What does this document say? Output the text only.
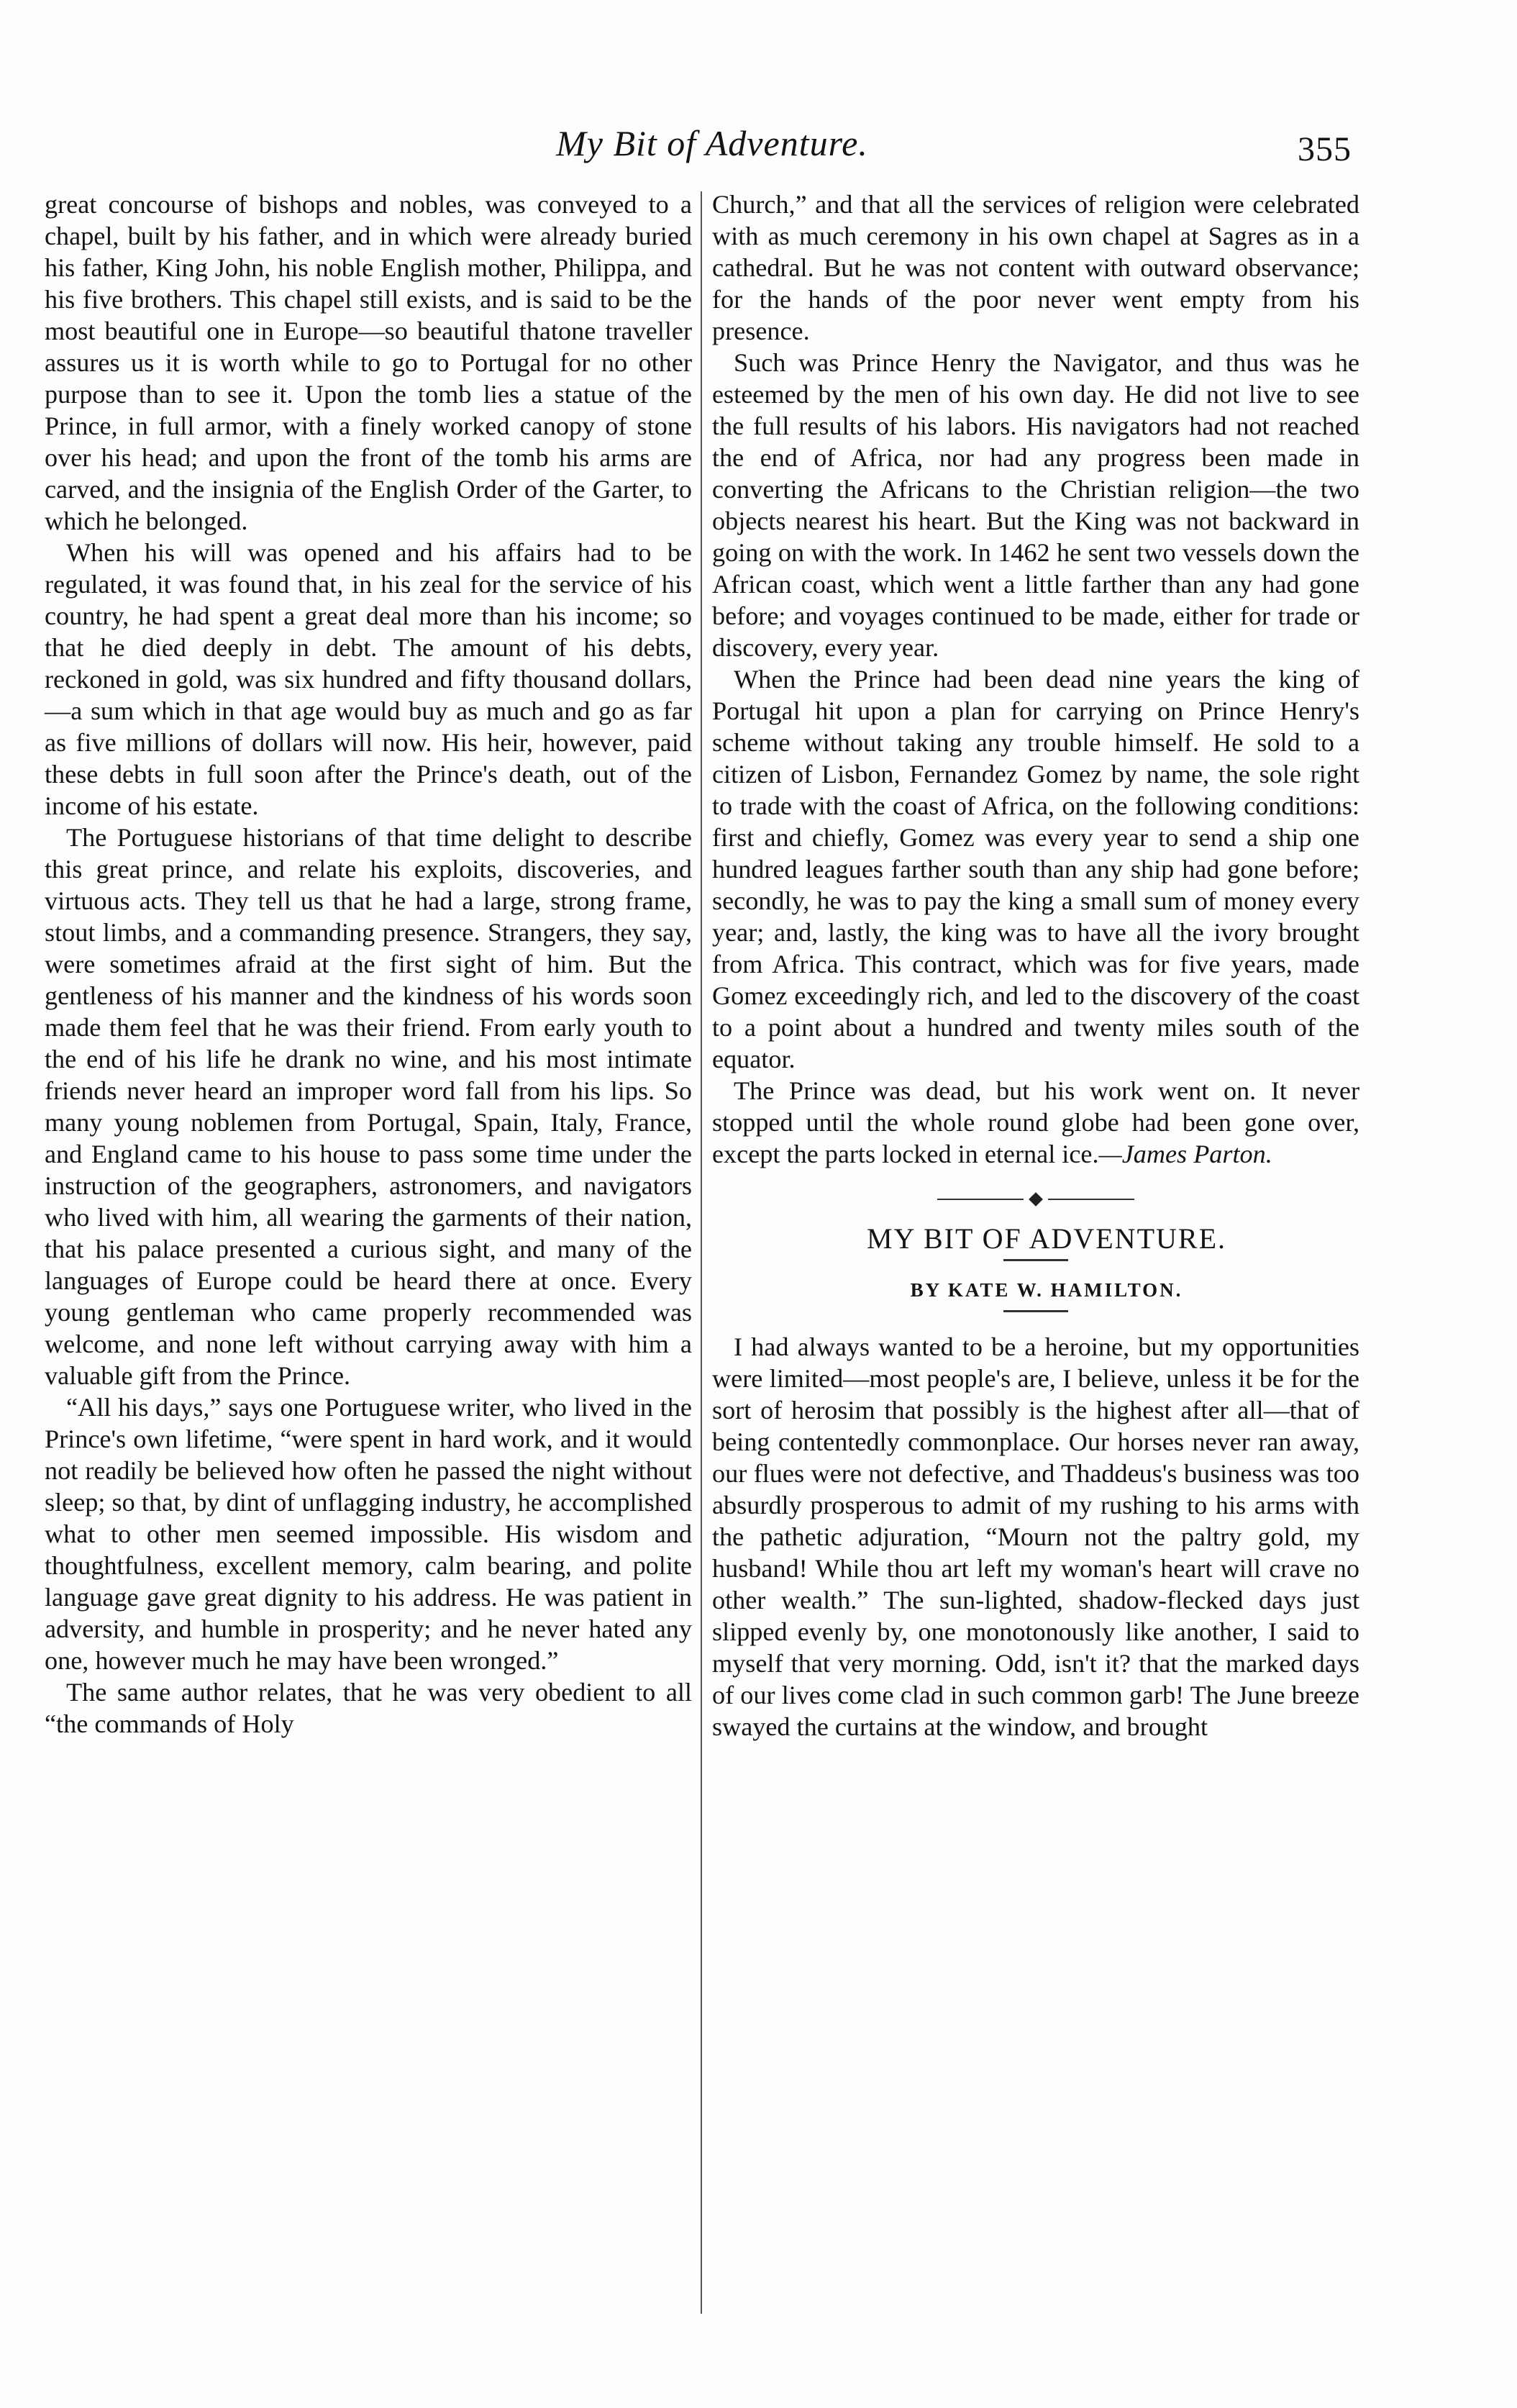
My Bit of Adventure.	355

great concourse of bishops and nobles, was conveyed to a chapel, built by his father, and in which were already buried his father, King John, his noble English mother, Philippa, and his five brothers. This chapel still exists, and is said to be the most beautiful one in Europe—so beautiful thatone traveller assures us it is worth while to go to Portugal for no other purpose than to see it. Upon the tomb lies a statue of the Prince, in full armor, with a finely worked canopy of stone over his head; and upon the front of the tomb his arms are carved, and the insignia of the English Order of the Garter, to which he belonged.

When his will was opened and his affairs had to be regulated, it was found that, in his zeal for the service of his country, he had spent a great deal more than his income; so that he died deeply in debt. The amount of his debts, reckoned in gold, was six hundred and fifty thousand dollars,—a sum which in that age would buy as much and go as far as five millions of dollars will now. His heir, however, paid these debts in full soon after the Prince's death, out of the income of his estate.

The Portuguese historians of that time delight to describe this great prince, and relate his exploits, discoveries, and virtuous acts. They tell us that he had a large, strong frame, stout limbs, and a commanding presence. Strangers, they say, were sometimes afraid at the first sight of him. But the gentleness of his manner and the kindness of his words soon made them feel that he was their friend. From early youth to the end of his life he drank no wine, and his most intimate friends never heard an improper word fall from his lips. So many young noblemen from Portugal, Spain, Italy, France, and England came to his house to pass some time under the instruction of the geographers, astronomers, and navigators who lived with him, all wearing the garments of their nation, that his palace presented a curious sight, and many of the languages of Europe could be heard there at once. Every young gentleman who came properly recommended was welcome, and none left without carrying away with him a valuable gift from the Prince.

“All his days,” says one Portuguese writer, who lived in the Prince's own lifetime, “were spent in hard work, and it would not readily be believed how often he passed the night without sleep; so that, by dint of unflagging industry, he accomplished what to other men seemed impossible. His wisdom and thoughtfulness, excellent memory, calm bearing, and polite language gave great dignity to his address. He was patient in adversity, and humble in prosperity; and he never hated any one, however much he may have been wronged.”

The same author relates, that he was very obedient to all “the commands of Holy

Church,” and that all the services of religion were celebrated with as much ceremony in his own chapel at Sagres as in a cathedral. But he was not content with outward observance; for the hands of the poor never went empty from his presence.

Such was Prince Henry the Navigator, and thus was he esteemed by the men of his own day. He did not live to see the full results of his labors. His navigators had not reached the end of Africa, nor had any progress been made in converting the Africans to the Christian religion—the two objects nearest his heart. But the King was not backward in going on with the work. In 1462 he sent two vessels down the African coast, which went a little farther than any had gone before; and voyages continued to be made, either for trade or discovery, every year.

When the Prince had been dead nine years the king of Portugal hit upon a plan for carrying on Prince Henry's scheme without taking any trouble himself. He sold to a citizen of Lisbon, Fernandez Gomez by name, the sole right to trade with the coast of Africa, on the following conditions: first and chiefly, Gomez was every year to send a ship one hundred leagues farther south than any ship had gone before; secondly, he was to pay the king a small sum of money every year; and, lastly, the king was to have all the ivory brought from Africa. This contract, which was for five years, made Gomez exceedingly rich, and led to the discovery of the coast to a point about a hundred and twenty miles south of the equator.

The Prince was dead, but his work went on. It never stopped until the whole round globe had been gone over, except the parts locked in eternal ice.—James Parton.

MY BIT OF ADVENTURE.

BY KATE W. HAMILTON.

I had always wanted to be a heroine, but my opportunities were limited—most people's are, I believe, unless it be for the sort of herosim that possibly is the highest after all—that of being contentedly commonplace. Our horses never ran away, our flues were not defective, and Thaddeus's business was too absurdly prosperous to admit of my rushing to his arms with the pathetic adjuration, “Mourn not the paltry gold, my husband! While thou art left my woman's heart will crave no other wealth.” The sun-lighted, shadow-flecked days just slipped evenly by, one monotonously like another, I said to myself that very morning. Odd, isn't it? that the marked days of our lives come clad in such common garb! The June breeze swayed the curtains at the window, and brought
